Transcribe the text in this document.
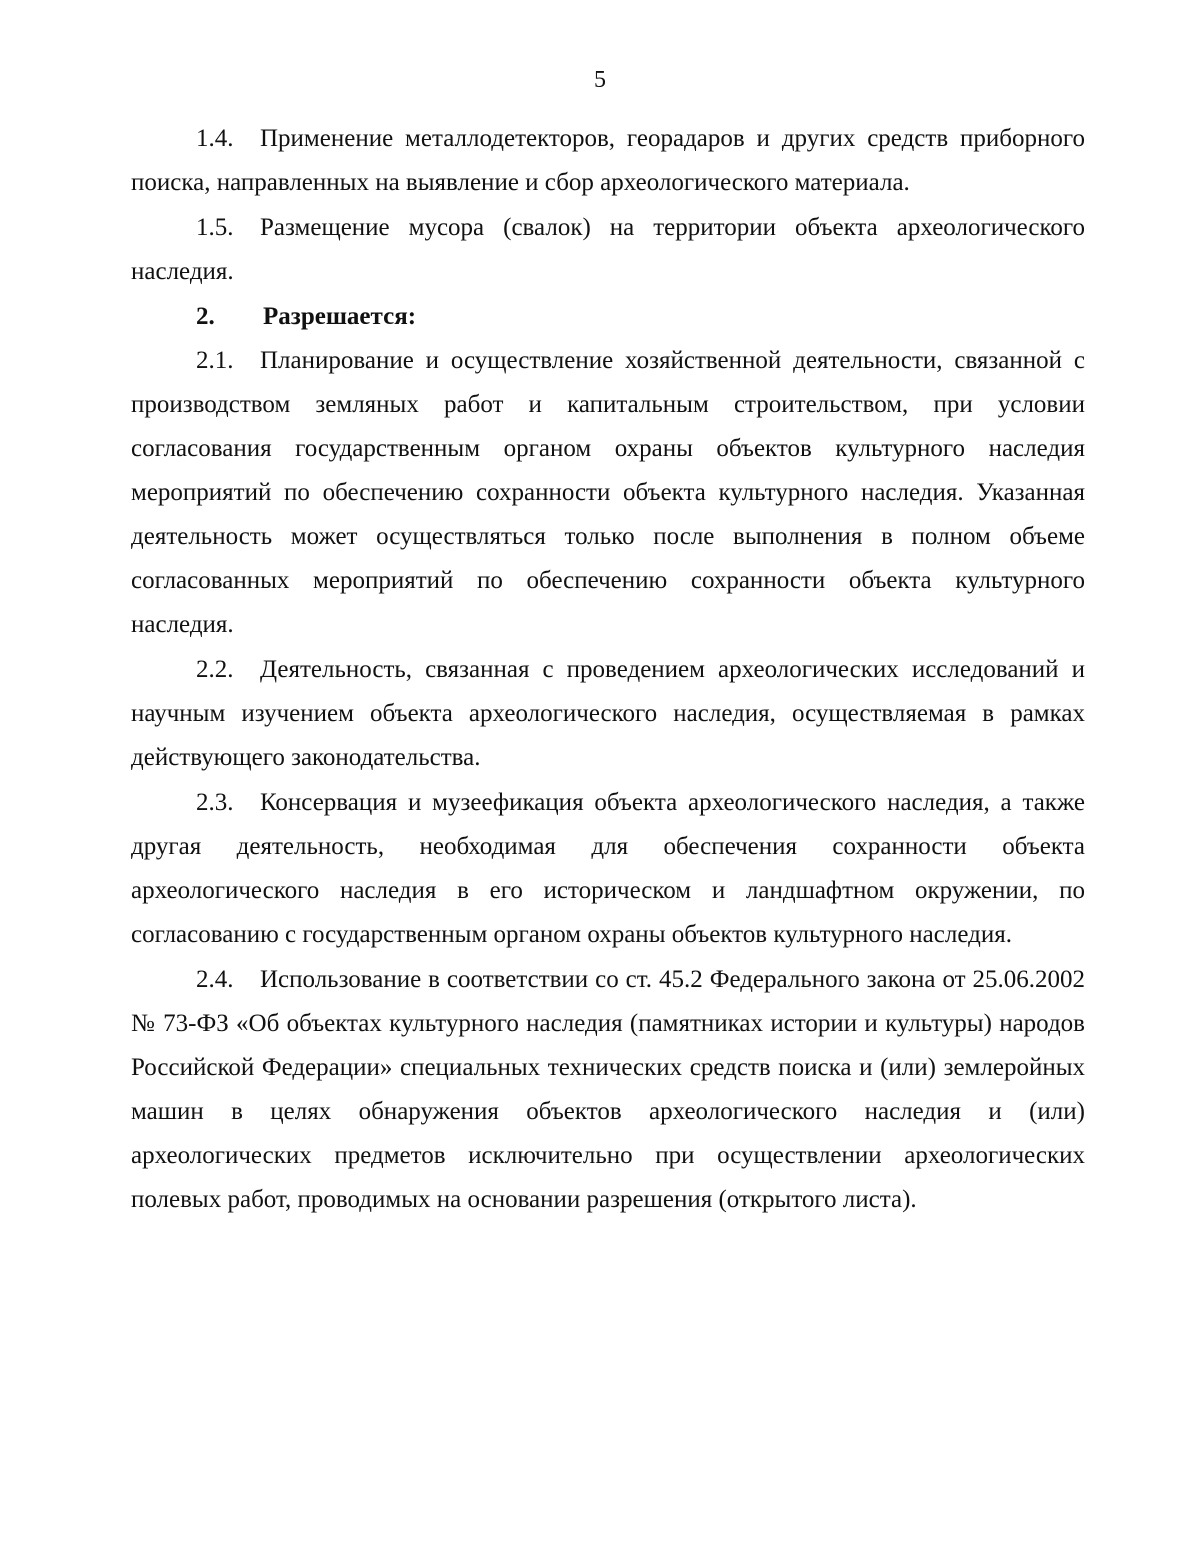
5

1.4. Применение металлодетекторов, георадаров и других средств приборного поиска, направленных на выявление и сбор археологического материала.

1.5. Размещение мусора (свалок) на территории объекта археологического наследия.

2. Разрешается:

2.1. Планирование и осуществление хозяйственной деятельности, связанной с производством земляных работ и капитальным строительством, при условии согласования государственным органом охраны объектов культурного наследия мероприятий по обеспечению сохранности объекта культурного наследия. Указанная деятельность может осуществляться только после выполнения в полном объеме согласованных мероприятий по обеспечению сохранности объекта культурного наследия.

2.2. Деятельность, связанная с проведением археологических исследований и научным изучением объекта археологического наследия, осуществляемая в рамках действующего законодательства.

2.3. Консервация и музеефикация объекта археологического наследия, а также другая деятельность, необходимая для обеспечения сохранности объекта археологического наследия в его историческом и ландшафтном окружении, по согласованию с государственным органом охраны объектов культурного наследия.

2.4. Использование в соответствии со ст. 45.2 Федерального закона от 25.06.2002 № 73-ФЗ «Об объектах культурного наследия (памятниках истории и культуры) народов Российской Федерации» специальных технических средств поиска и (или) землеройных машин в целях обнаружения объектов археологического наследия и (или) археологических предметов исключительно при осуществлении археологических полевых работ, проводимых на основании разрешения (открытого листа).
